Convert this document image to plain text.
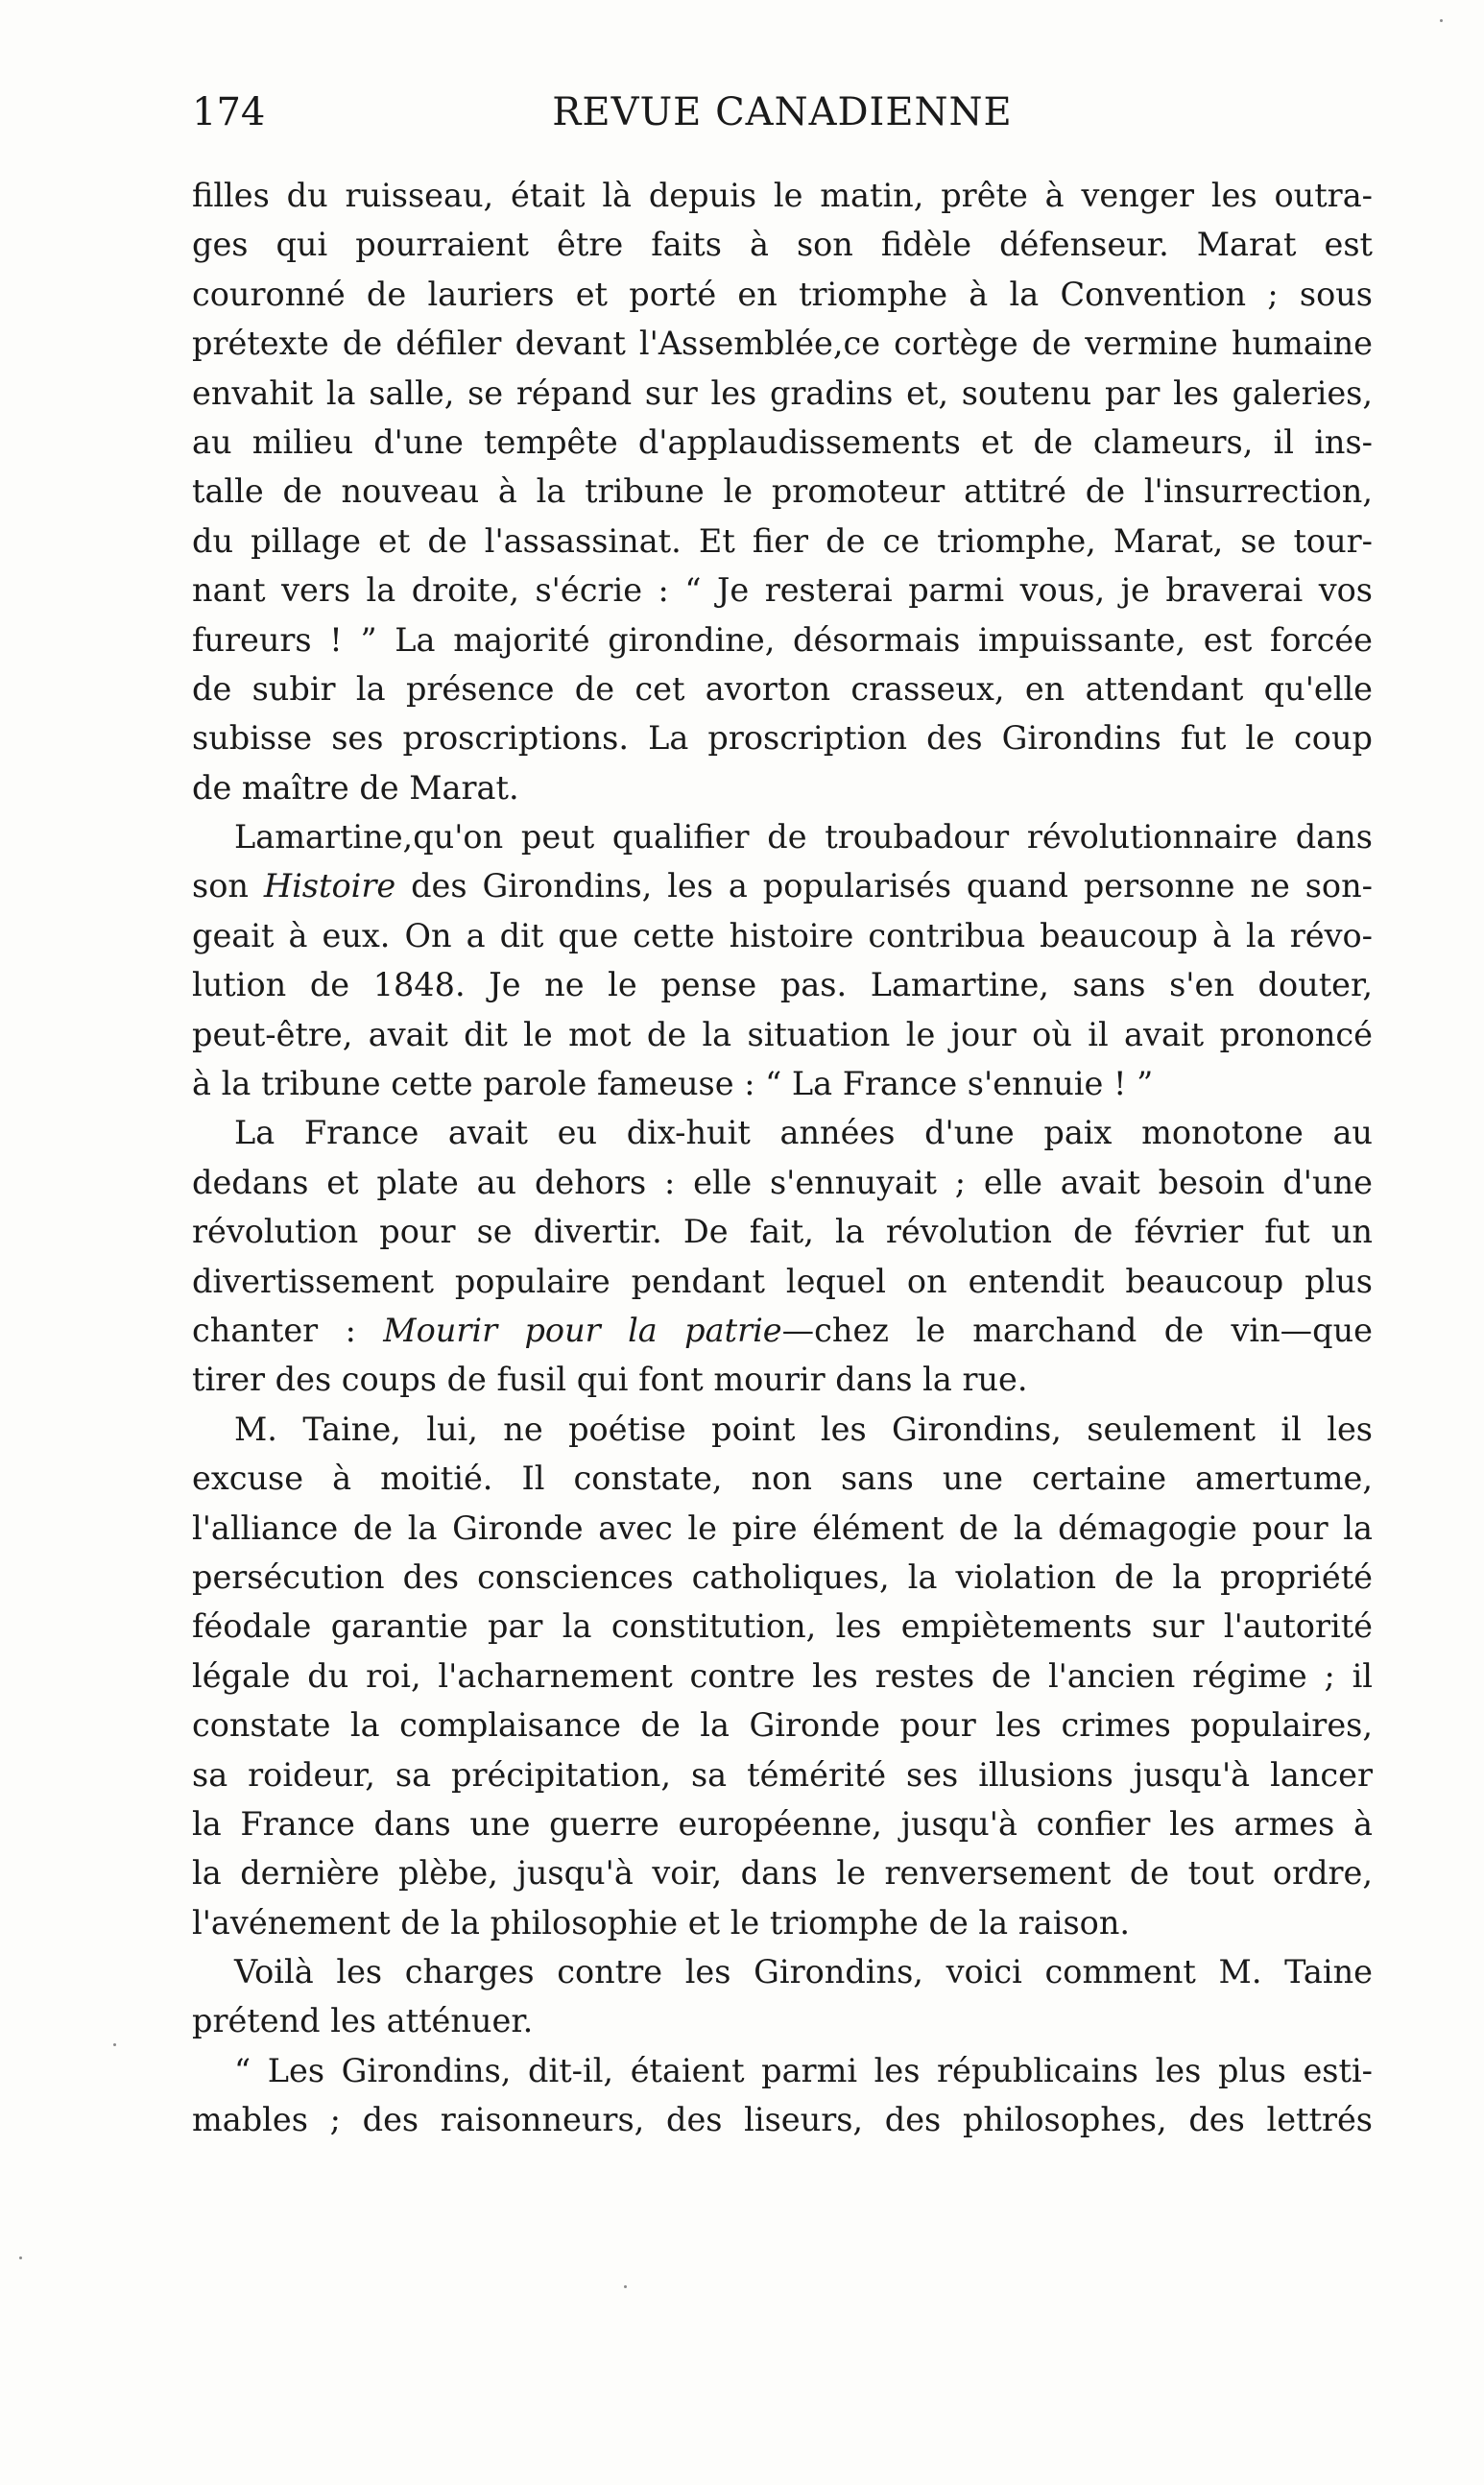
174	REVUE CANADIENNE
filles du ruisseau, était là depuis le matin, prête à venger les outra-
ges qui pourraient être faits à son fidèle défenseur. Marat est
couronné de lauriers et porté en triomphe à la Convention ; sous
prétexte de défiler devant l'Assemblée,ce cortège de vermine humaine
envahit la salle, se répand sur les gradins et, soutenu par les galeries,
au milieu d'une tempête d'applaudissements et de clameurs, il ins-
talle de nouveau à la tribune le promoteur attitré de l'insurrection,
du pillage et de l'assassinat. Et fier de ce triomphe, Marat, se tour-
nant vers la droite, s'écrie : “ Je resterai parmi vous, je braverai vos
fureurs ! ” La majorité girondine, désormais impuissante, est forcée
de subir la présence de cet avorton crasseux, en attendant qu'elle
subisse ses proscriptions. La proscription des Girondins fut le coup
de maître de Marat.
Lamartine,qu'on peut qualifier de troubadour révolutionnaire dans
son Histoire des Girondins, les a popularisés quand personne ne son-
geait à eux. On a dit que cette histoire contribua beaucoup à la révo-
lution de 1848. Je ne le pense pas. Lamartine, sans s'en douter,
peut-être, avait dit le mot de la situation le jour où il avait prononcé
à la tribune cette parole fameuse : “ La France s'ennuie ! ”
La France avait eu dix-huit années d'une paix monotone au
dedans et plate au dehors : elle s'ennuyait ; elle avait besoin d'une
révolution pour se divertir. De fait, la révolution de février fut un
divertissement populaire pendant lequel on entendit beaucoup plus
chanter : Mourir pour la patrie—chez le marchand de vin—que
tirer des coups de fusil qui font mourir dans la rue.
M. Taine, lui, ne poétise point les Girondins, seulement il les
excuse à moitié. Il constate, non sans une certaine amertume,
l'alliance de la Gironde avec le pire élément de la démagogie pour la
persécution des consciences catholiques, la violation de la propriété
féodale garantie par la constitution, les empiètements sur l'autorité
légale du roi, l'acharnement contre les restes de l'ancien régime ; il
constate la complaisance de la Gironde pour les crimes populaires,
sa roideur, sa précipitation, sa témérité ses illusions jusqu'à lancer
la France dans une guerre européenne, jusqu'à confier les armes à
la dernière plèbe, jusqu'à voir, dans le renversement de tout ordre,
l'avénement de la philosophie et le triomphe de la raison.
Voilà les charges contre les Girondins, voici comment M. Taine
prétend les atténuer.
“ Les Girondins, dit-il, étaient parmi les républicains les plus esti-
mables ; des raisonneurs, des liseurs, des philosophes, des lettrés
